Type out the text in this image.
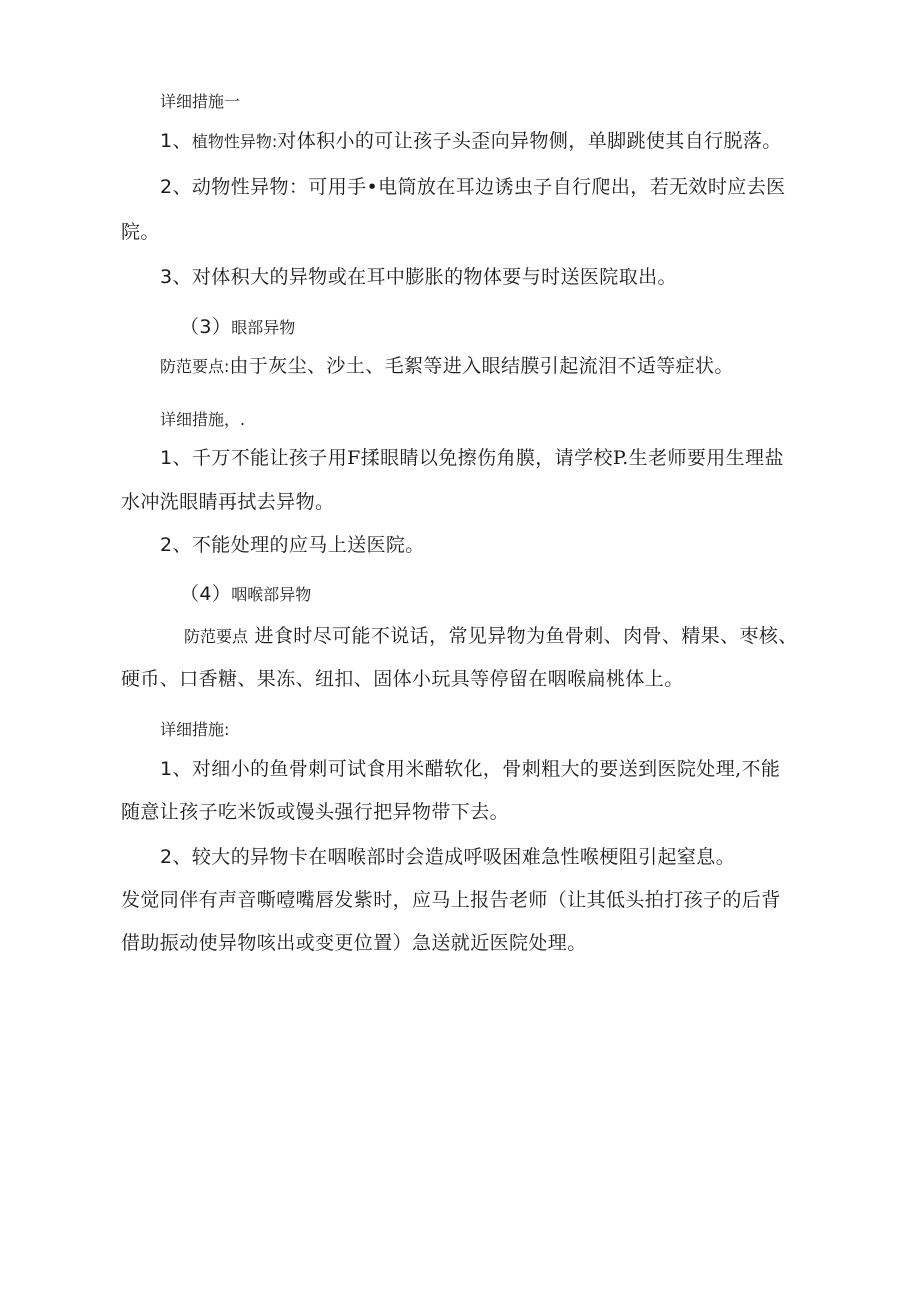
详细措施一
1、植物性异物:对体积小的可让孩子头歪向异物侧，单脚跳使其自行脱落。
2、动物性异物：可用手•电筒放在耳边诱虫子自行爬出，若无效时应去医
院。
3、对体积大的异物或在耳中膨胀的物体要与时送医院取出。
（3）眼部异物
防范要点:由于灰尘、沙土、毛絮等进入眼结膜引起流泪不适等症状。
详细措施，.
1、千万不能让孩子用F揉眼睛以免擦伤角膜，请学校P.生老师要用生理盐
水冲洗眼睛再拭去异物。
2、不能处理的应马上送医院。
（4）咽喉部异物
防范要点 进食时尽可能不说话，常见异物为鱼骨刺、肉骨、精果、枣核、
硬币、口香糖、果冻、纽扣、固体小玩具等停留在咽喉扁桃体上。
详细措施:
1、对细小的鱼骨刺可试食用米醋软化，骨刺粗大的要送到医院处理,不能
随意让孩子吃米饭或馒头强行把异物带下去。
2、较大的异物卡在咽喉部时会造成呼吸困难急性喉梗阻引起窒息。
发觉同伴有声音嘶噎嘴唇发紫时，应马上报告老师（让其低头拍打孩子的后背
借助振动使异物咳出或变更位置）急送就近医院处理。
